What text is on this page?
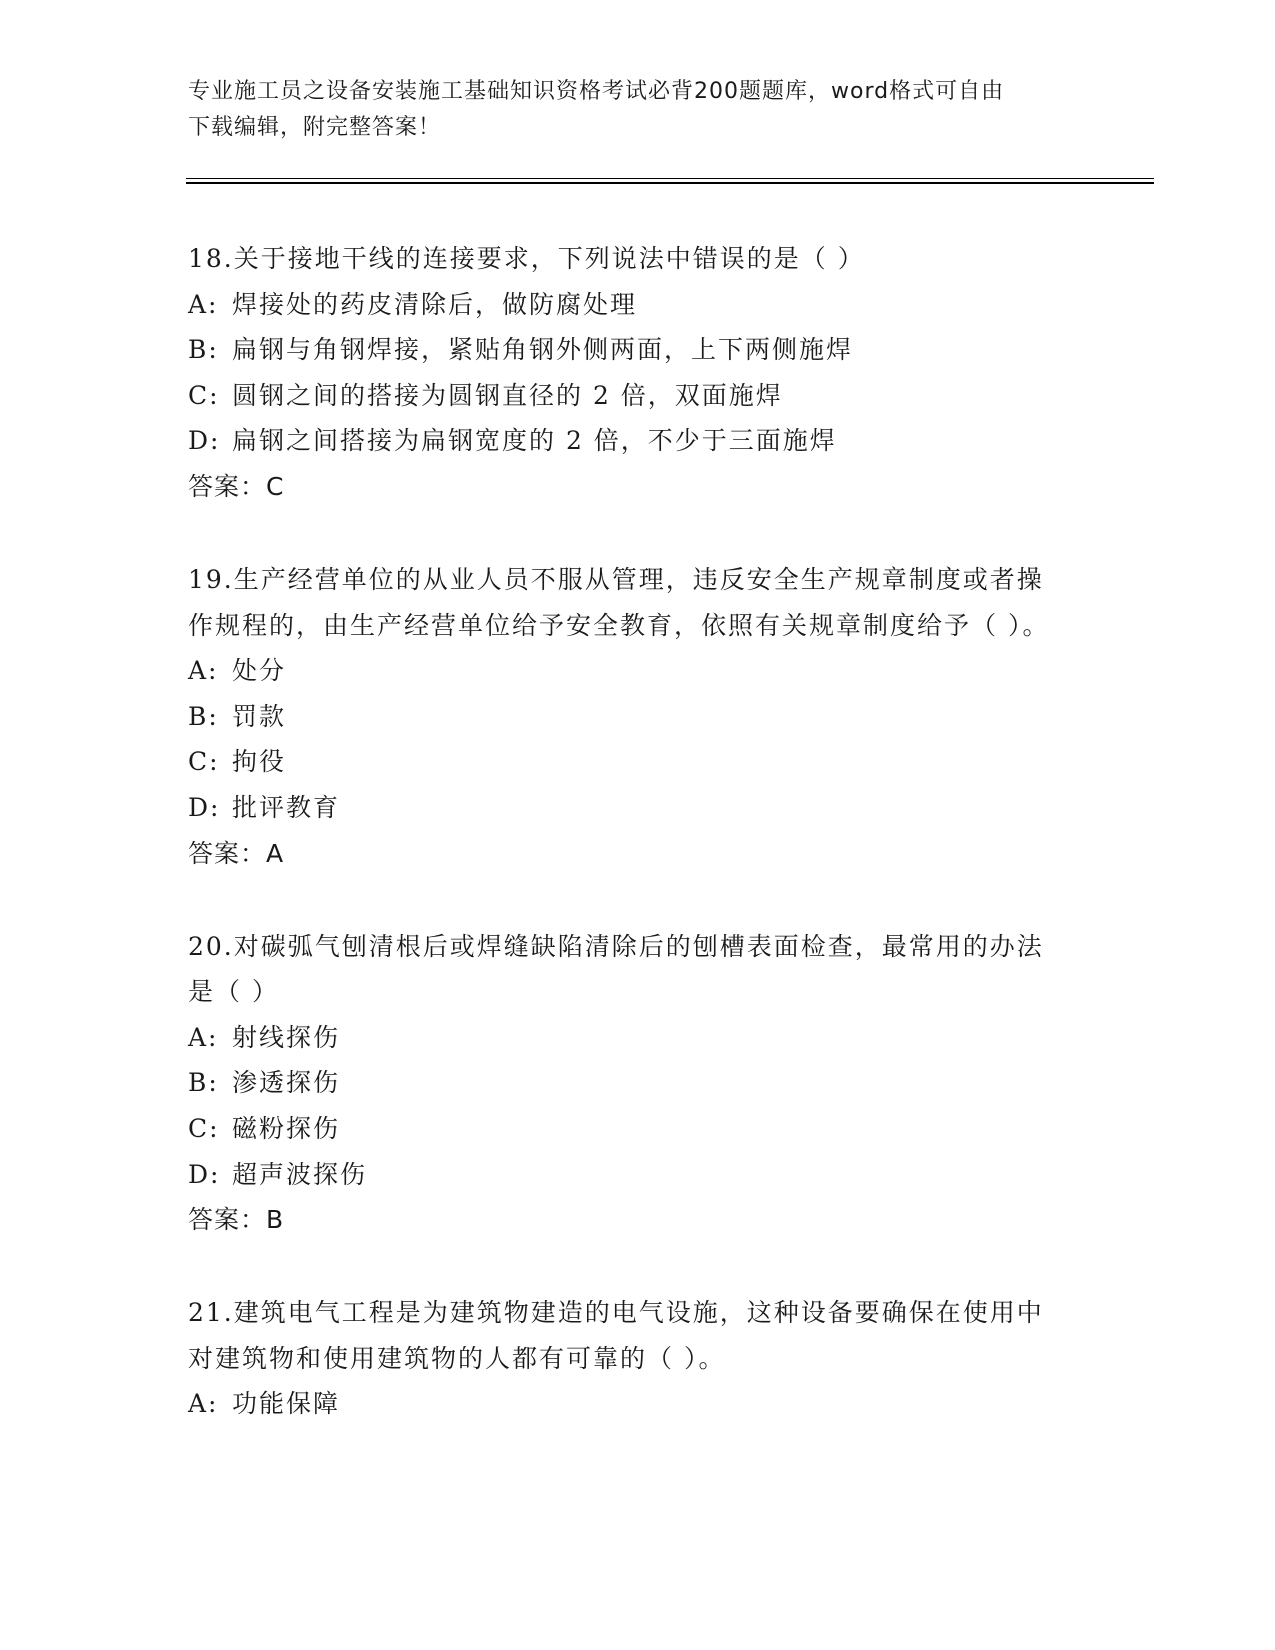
专业施工员之设备安装施工基础知识资格考试必背200题题库，word格式可自由
下载编辑，附完整答案！

18.关于接地干线的连接要求，下列说法中错误的是（ ）

A: 焊接处的药皮清除后，做防腐处理

B: 扁钢与角钢焊接，紧贴角钢外侧两面，上下两侧施焊

C: 圆钢之间的搭接为圆钢直径的 2 倍，双面施焊

D: 扁钢之间搭接为扁钢宽度的 2 倍，不少于三面施焊

答案：C

19.生产经营单位的从业人员不服从管理，违反安全生产规章制度或者操作规程的，由生产经营单位给予安全教育，依照有关规章制度给予（ ）。

A: 处分

B: 罚款

C: 拘役

D: 批评教育

答案：A

20.对碳弧气刨清根后或焊缝缺陷清除后的刨槽表面检查，最常用的办法是（ ）

A: 射线探伤

B: 渗透探伤

C: 磁粉探伤

D: 超声波探伤

答案：B

21.建筑电气工程是为建筑物建造的电气设施，这种设备要确保在使用中对建筑物和使用建筑物的人都有可靠的（ ）。

A: 功能保障
